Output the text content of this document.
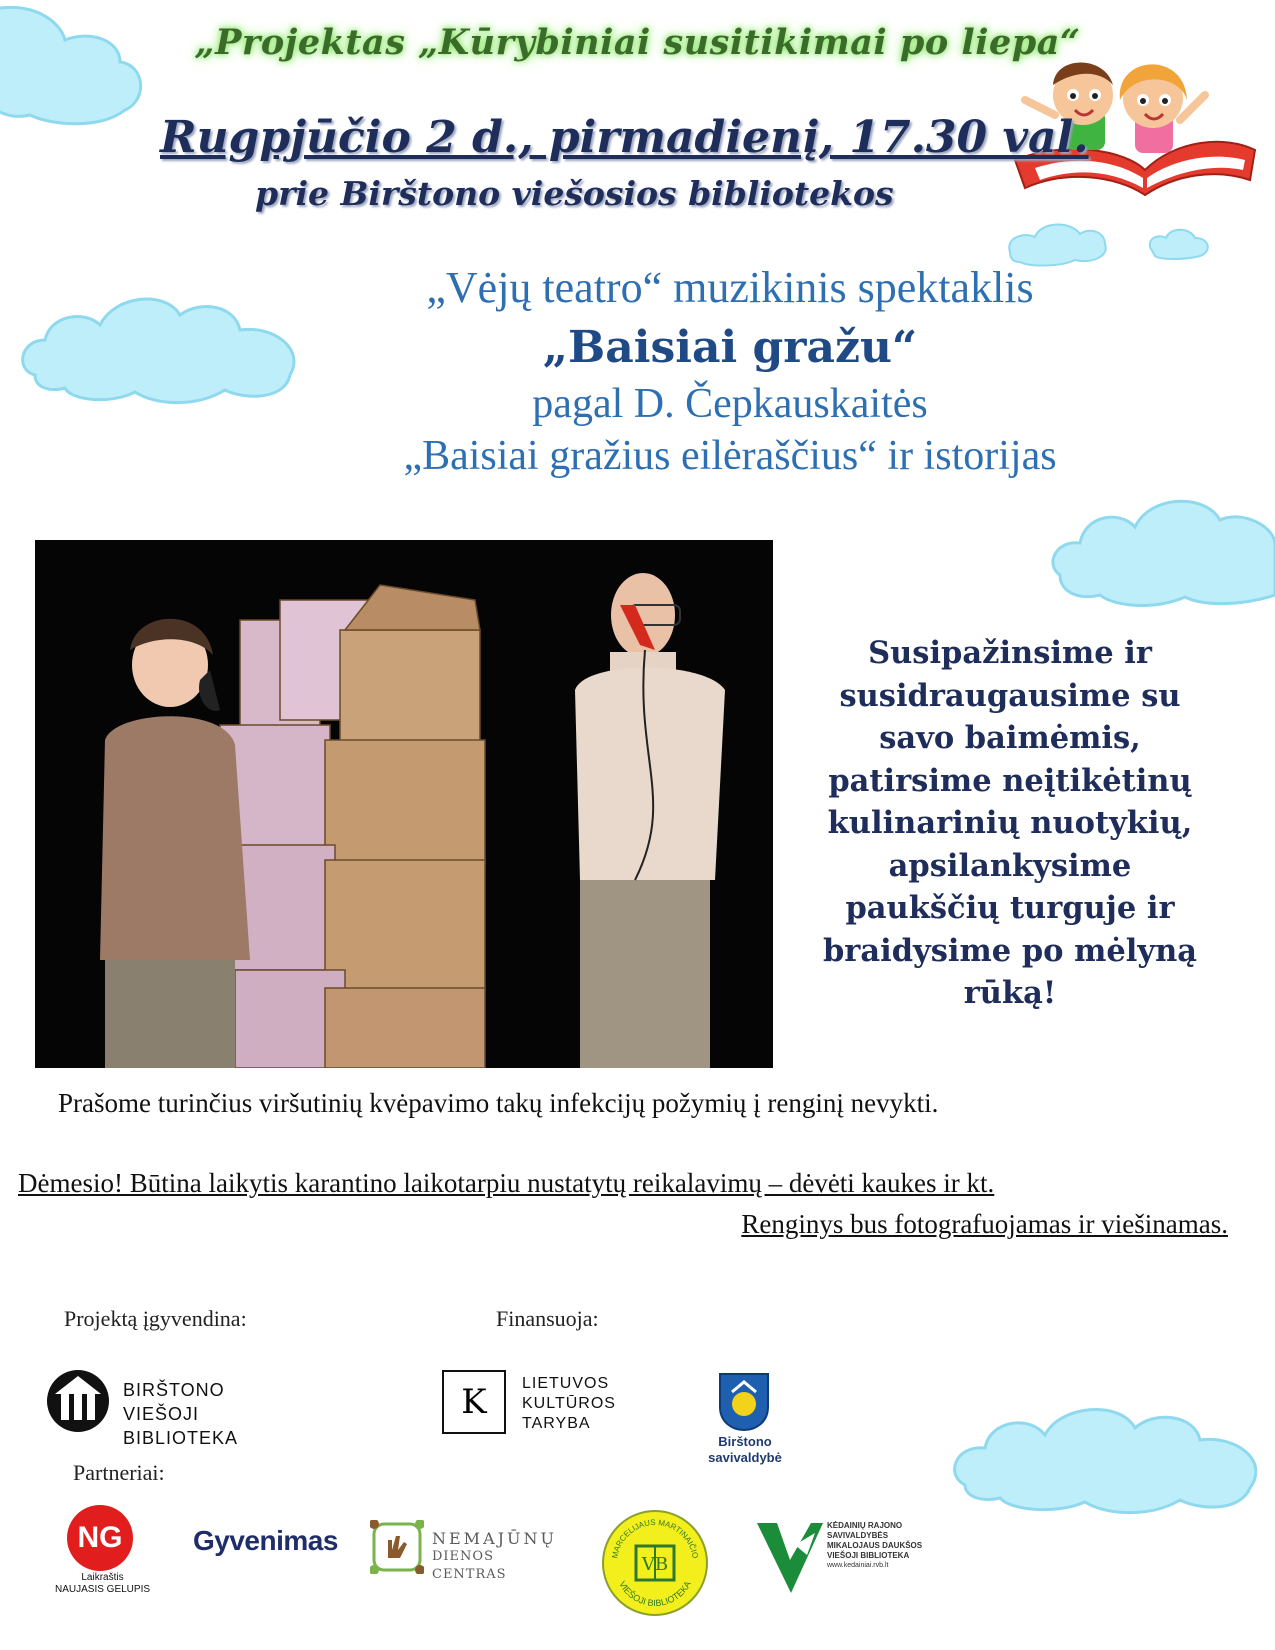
„Projektas „Kūrybiniai susitikimai po liepa“
Rugpjūčio 2 d., pirmadienį, 17.30 val.
prie Birštono viešosios bibliotekos
„Vėjų teatro“ muzikinis spektaklis
„Baisiai gražu“
pagal D. Čepkauskaitės
„Baisiai gražius eilėraščius“ ir istorijas
Susipažinsime ir
susidraugausime su
savo baimėmis,
patirsime neįtikėtinų
kulinarinių nuotykių,
apsilankysime
paukščių turguje ir
braidysime po mėlyną
rūką!
Prašome turinčius viršutinių kvėpavimo takų infekcijų požymių į renginį nevykti.
Dėmesio! Būtina laikytis karantino laikotarpiu nustatytų reikalavimų – dėvėti kaukes ir kt.
Renginys bus fotografuojamas ir viešinamas.
Projektą įgyvendina:	Finansuoja:
Partneriai:
BIRŠTONO
VIEŠOJI BIBLIOTEKA
K	LIETUVOS
KULTŪROS
TARYBA
Birštono
savivaldybė
NG
Laikraštis
NAUJASIS GELUPIS
Gyvenimas	NEMAJŪNŲ
DIENOS CENTRAS	VB
MARCELIJAUS MARTINAIČIO
VIEŠOJI BIBLIOTEKA
KĖDAINIŲ RAJONO
SAVIVALDYBĖS
MIKALOJAUS DAUKŠOS
VIEŠOJI BIBLIOTEKA
www.kedainiai.rvb.lt
